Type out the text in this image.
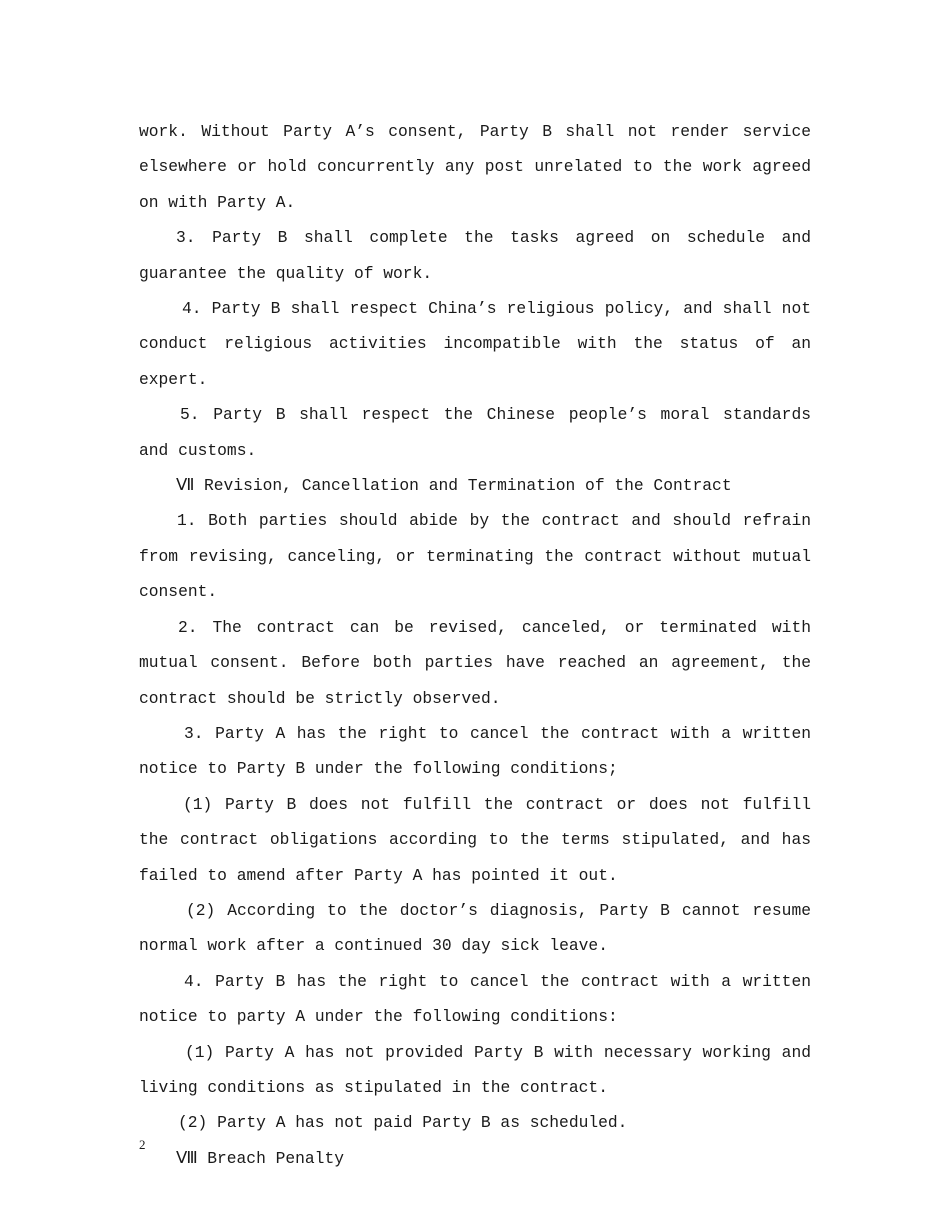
work. Without Party A’s consent, Party B shall not render service elsewhere or hold concurrently any post unrelated to the work agreed on with Party A.

3. Party B shall complete the tasks agreed on schedule and guarantee the quality of work.

4. Party B shall respect China’s religious policy, and shall not conduct religious activities incompatible with the status of an expert.

5. Party B shall respect the Chinese people’s moral standards and customs.

Ⅶ Revision, Cancellation and Termination of the Contract

1. Both parties should abide by the contract and should refrain from revising, canceling, or terminating the contract without mutual consent.

2. The contract can be revised, canceled, or terminated with mutual consent. Before both parties have reached an agreement, the contract should be strictly observed.

3. Party A has the right to cancel the contract with a written notice to Party B under the following conditions;

(1) Party B does not fulfill the contract or does not fulfill the contract obligations according to the terms stipulated, and has failed to amend after Party A has pointed it out.

(2) According to the doctor’s diagnosis, Party B cannot resume normal work after a continued 30 day sick leave.

4. Party B has the right to cancel the contract with a written notice to party A under the following conditions:

(1) Party A has not provided Party B with necessary working and living conditions as stipulated in the contract.

(2) Party A has not paid Party B as scheduled.

Ⅷ Breach Penalty

2
